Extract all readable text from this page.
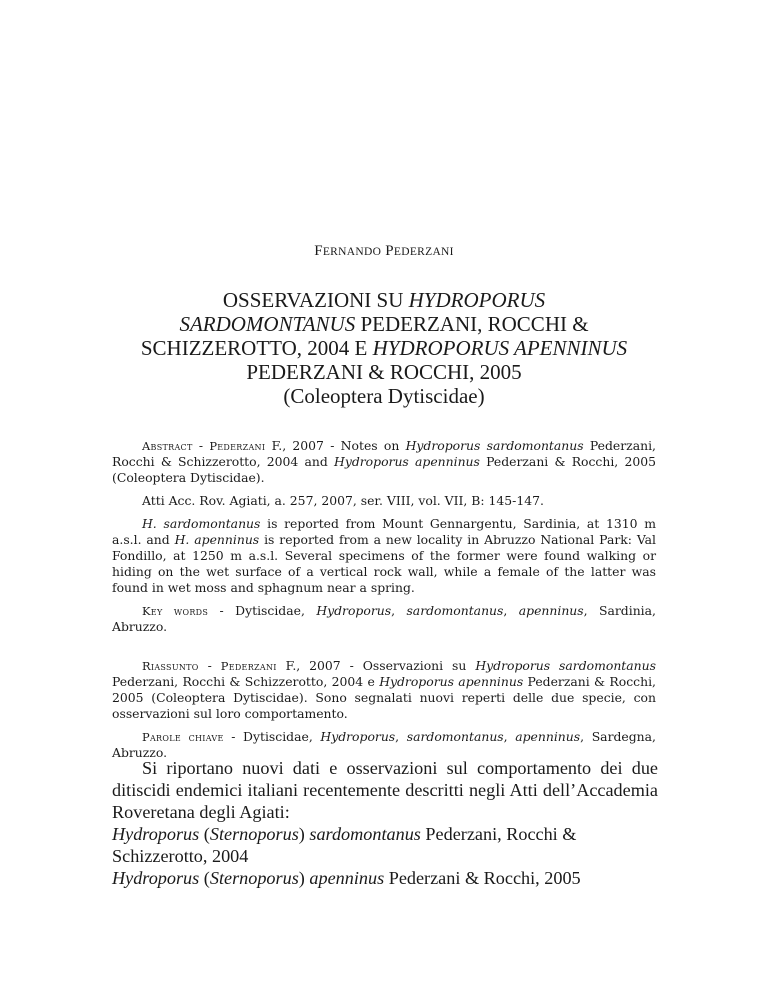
FERNANDO PEDERZANI
OSSERVAZIONI SU HYDROPORUS
SARDOMONTANUS PEDERZANI, ROCCHI &
SCHIZZEROTTO, 2004 E HYDROPORUS APENNINUS
PEDERZANI & ROCCHI, 2005

(Coleoptera Dytiscidae)

Abstract - Pederzani F., 2007 - Notes on Hydroporus sardomontanus Pederzani, Rocchi & Schizzerotto, 2004 and Hydroporus apenninus Pederzani & Rocchi, 2005 (Coleoptera Dytiscidae).

Atti Acc. Rov. Agiati, a. 257, 2007, ser. VIII, vol. VII, B: 145-147.

H. sardomontanus is reported from Mount Gennargentu, Sardinia, at 1310 m a.s.l. and H. apenninus is reported from a new locality in Abruzzo National Park: Val Fondillo, at 1250 m a.s.l. Several specimens of the former were found walking or hiding on the wet surface of a vertical rock wall, while a female of the latter was found in wet moss and sphagnum near a spring.

Key words - Dytiscidae, Hydroporus, sardomontanus, apenninus, Sardinia, Abruzzo.

Riassunto - Pederzani F., 2007 - Osservazioni su Hydroporus sardomontanus Pederzani, Rocchi & Schizzerotto, 2004 e Hydroporus apenninus Pederzani & Rocchi, 2005 (Coleoptera Dytiscidae). Sono segnalati nuovi reperti delle due specie, con osservazioni sul loro comportamento.

Parole chiave - Dytiscidae, Hydroporus, sardomontanus, apenninus, Sardegna, Abruzzo.

Si riportano nuovi dati e osservazioni sul comportamento dei due ditiscidi endemici italiani recentemente descritti negli Atti dell’Accademia Roveretana degli Agiati:

Hydroporus (Sternoporus) sardomontanus Pederzani, Rocchi & Schizzerotto, 2004

Hydroporus (Sternoporus) apenninus Pederzani & Rocchi, 2005
